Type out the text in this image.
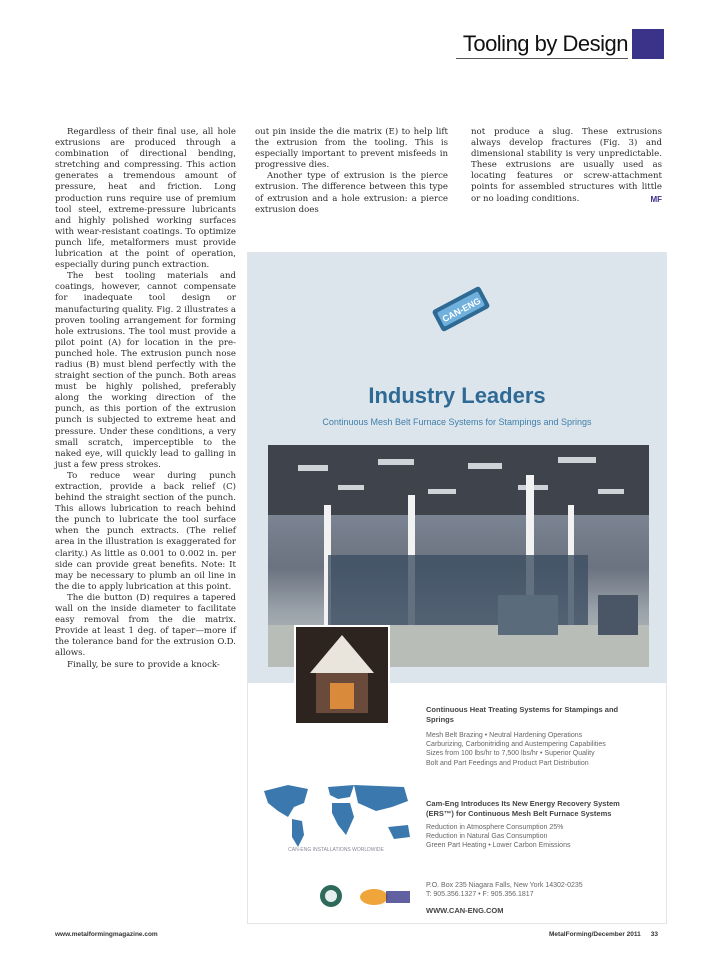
Tooling by Design

Regardless of their final use, all hole extrusions are produced through a combination of directional bending, stretching and compressing. This action generates a tremendous amount of pressure, heat and friction. Long production runs require use of premium tool steel, extreme-pressure lubricants and highly polished working surfaces with wear-resistant coatings. To optimize punch life, metalformers must provide lubrication at the point of operation, especially during punch extraction.

The best tooling materials and coatings, however, cannot compensate for inadequate tool design or manufacturing quality. Fig. 2 illustrates a proven tooling arrangement for forming hole extrusions. The tool must provide a pilot point (A) for location in the pre-punched hole. The extrusion punch nose radius (B) must blend perfectly with the straight section of the punch. Both areas must be highly polished, preferably along the working direction of the punch, as this portion of the extrusion punch is subjected to extreme heat and pressure. Under these conditions, a very small scratch, imperceptible to the naked eye, will quickly lead to galling in just a few press strokes.

To reduce wear during punch extraction, provide a back relief (C) behind the straight section of the punch. This allows lubrication to reach behind the punch to lubricate the tool surface when the punch extracts. (The relief area in the illustration is exaggerated for clarity.) As little as 0.001 to 0.002 in. per side can provide great benefits. Note: It may be necessary to plumb an oil line in the die to apply lubrication at this point.

The die button (D) requires a tapered wall on the inside diameter to facilitate easy removal from the die matrix. Provide at least 1 deg. of taper—more if the tolerance band for the extrusion O.D. allows.

Finally, be sure to provide a knock-

out pin inside the die matrix (E) to help lift the extrusion from the tooling. This is especially important to prevent misfeeds in progressive dies.

Another type of extrusion is the pierce extrusion. The difference between this type of extrusion and a hole extrusion: a pierce extrusion does

not produce a slug. These extrusions always develop fractures (Fig. 3) and dimensional stability is very unpredictable. These extrusions are usually used as locating features or screw-attachment points for assembled structures with little or no loading conditions.	MF

CAN-ENG
Industry Leaders
Continuous Mesh Belt Furnace Systems for Stampings and Springs
Continuous Heat Treating Systems for Stampings and Springs
Mesh Belt Brazing • Neutral Hardening Operations
Carburizing, Carbonitriding and Austempering Capabilities
Sizes from 100 lbs/hr to 7,500 lbs/hr • Superior Quality
Bolt and Part Feedings and Product Part Distribution
Cam-Eng Introduces Its New Energy Recovery System (ERS™) for Continuous Mesh Belt Furnace Systems
Reduction in Atmosphere Consumption 25%
Reduction in Natural Gas Consumption
Green Part Heating • Lower Carbon Emissions
CAN-ENG INSTALLATIONS WORLDWIDE
P.O. Box 235 Niagara Falls, New York 14302-0235
T: 905.356.1327 • F: 905.356.1817
WWW.CAN-ENG.COM
www.metalformingmagazine.com	MetalForming/December 2011 33
